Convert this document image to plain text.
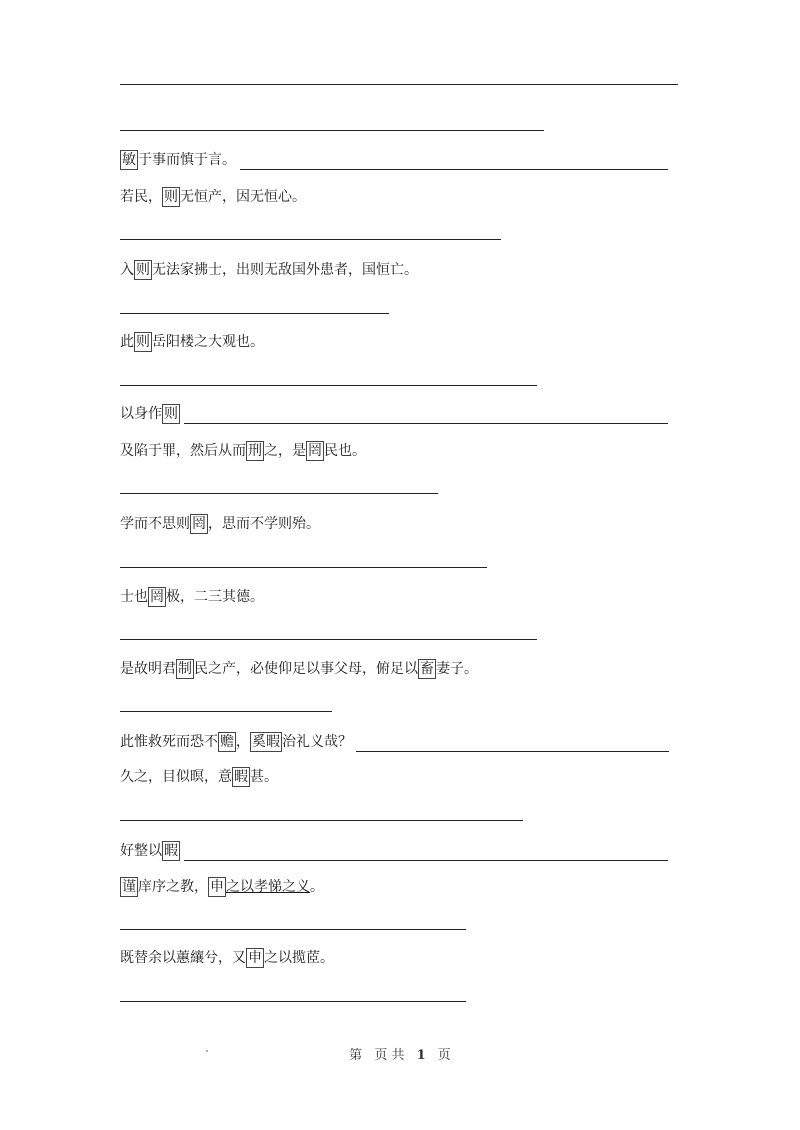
敏 于事而慎于言。
若民， 则 无恒产，因无恒心。
入 则 无法家拂士，出则无敌国外患者，国恒亡。
此 则 岳阳楼之大观也。
以身作 则
及陷于罪，然后从而 刑 之，是 罔 民也。
学而不思则 罔 ，思而不学则殆。
士也 罔 极，二三其德。
是故明君 制 民之产，必使仰足以事父母，俯足以 畜 妻子。
此惟救死而恐不 赡 ， 奚暇 治礼义哉？
久之，目似暝，意 暇 甚。
好整以 暇
谨 庠序之教， 申 之以孝悌之义 。
既替余以蕙纕兮，又 申 之以揽茝。
第 页 共 1 页
